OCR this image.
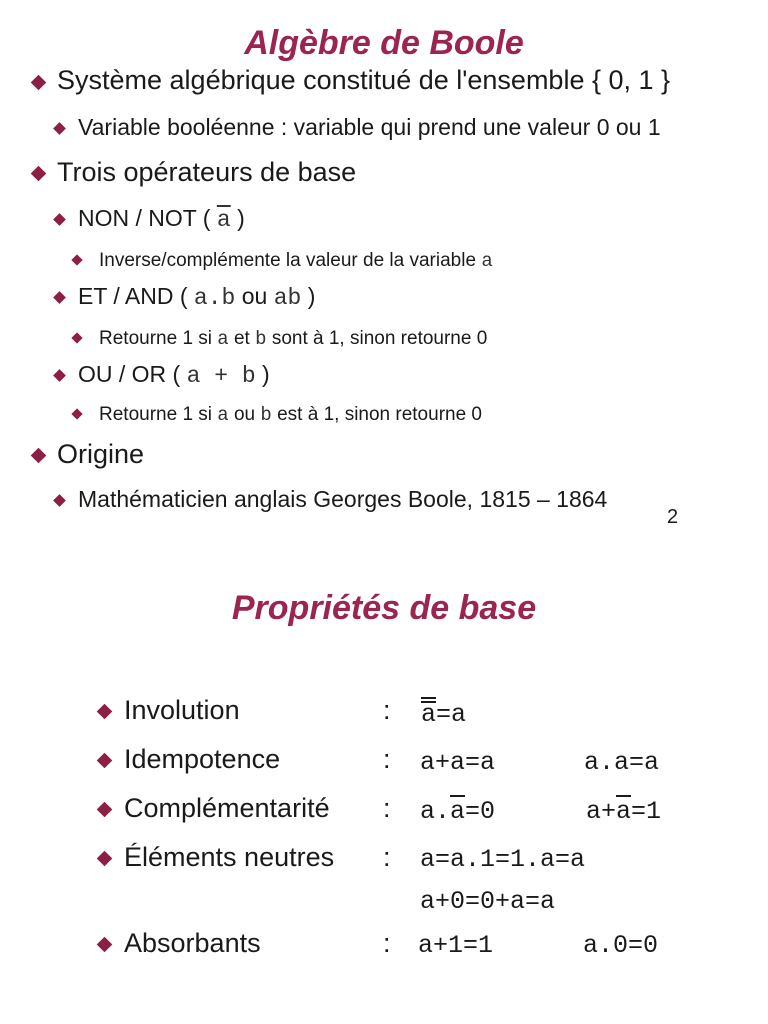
Algèbre de Boole
Système algébrique constitué de l'ensemble { 0, 1 }
Variable booléenne : variable qui prend une valeur 0 ou 1
Trois opérateurs de base
NON / NOT ( $\overline{a}$ )
Inverse/complémente la valeur de la variable a
ET / AND ( a.b ou ab )
Retourne 1 si a et b sont à 1, sinon retourne 0
OU / OR ( a + b )
Retourne 1 si a ou b est à 1, sinon retourne 0
Origine
Mathématicien anglais Georges Boole, 1815 – 1864
2
Propriétés de base
Involution	: a=a
Idempotence	: a+a=a	a.a=a
Complémentarité : $a.\overline{a}=0$	$a+\overline{a}=1$
Éléments neutres : a=a.1=1.a=a
a+0=0+a=a
Absorbants	: a+1=1	a.0=0
